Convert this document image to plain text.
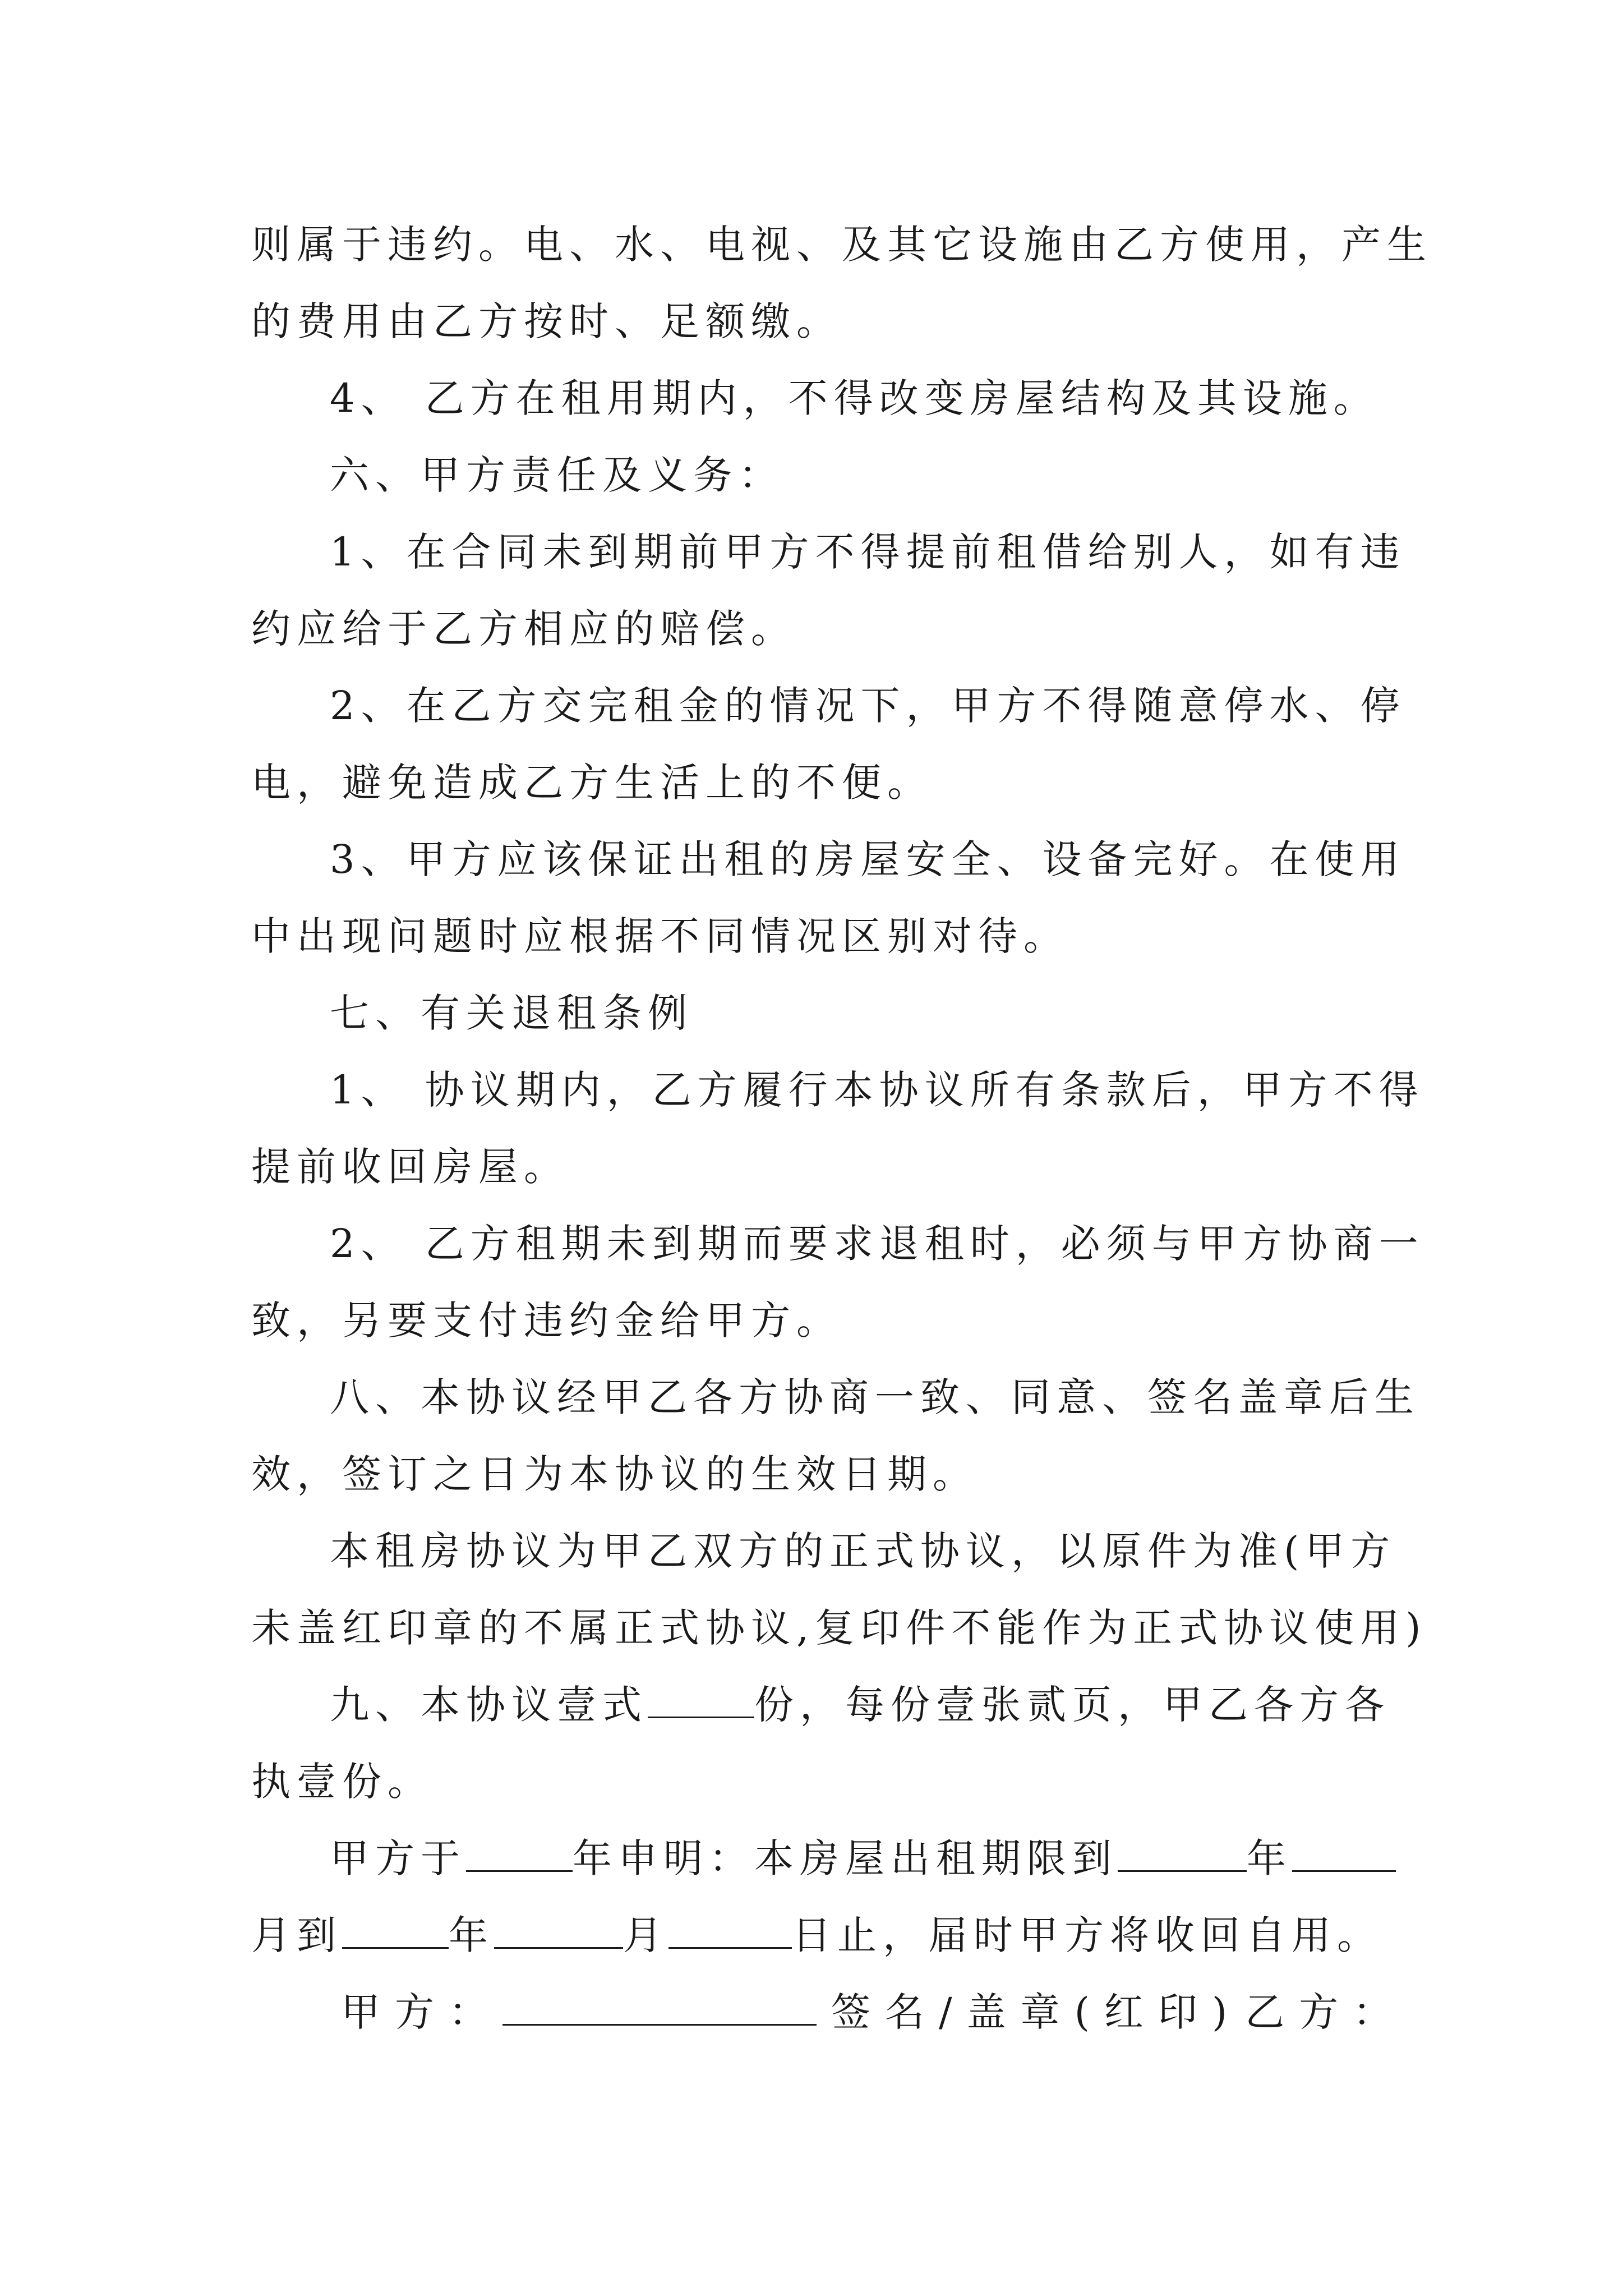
则属于违约。电、水、电视、及其它设施由乙方使用，产生
的费用由乙方按时、足额缴。
4、 乙方在租用期内，不得改变房屋结构及其设施。
六、甲方责任及义务：
1、在合同未到期前甲方不得提前租借给别人，如有违
约应给于乙方相应的赔偿。
2、在乙方交完租金的情况下，甲方不得随意停水、停
电，避免造成乙方生活上的不便。
3、甲方应该保证出租的房屋安全、设备完好。在使用
中出现问题时应根据不同情况区别对待。
七、有关退租条例
1、 协议期内，乙方履行本协议所有条款后，甲方不得
提前收回房屋。
2、 乙方租期未到期而要求退租时，必须与甲方协商一
致，另要支付违约金给甲方。
八、本协议经甲乙各方协商一致、同意、签名盖章后生
效，签订之日为本协议的生效日期。
本租房协议为甲乙双方的正式协议，以原件为准(甲方
未盖红印章的不属正式协议,复印件不能作为正式协议使用)
九、本协议壹式	份，每份壹张贰页，甲乙各方各
执壹份。
甲方于	年申明：本房屋出租期限到	年
月到	年	月	日止，届时甲方将收回自用。
甲方：	签名/盖章(红印)乙方：
